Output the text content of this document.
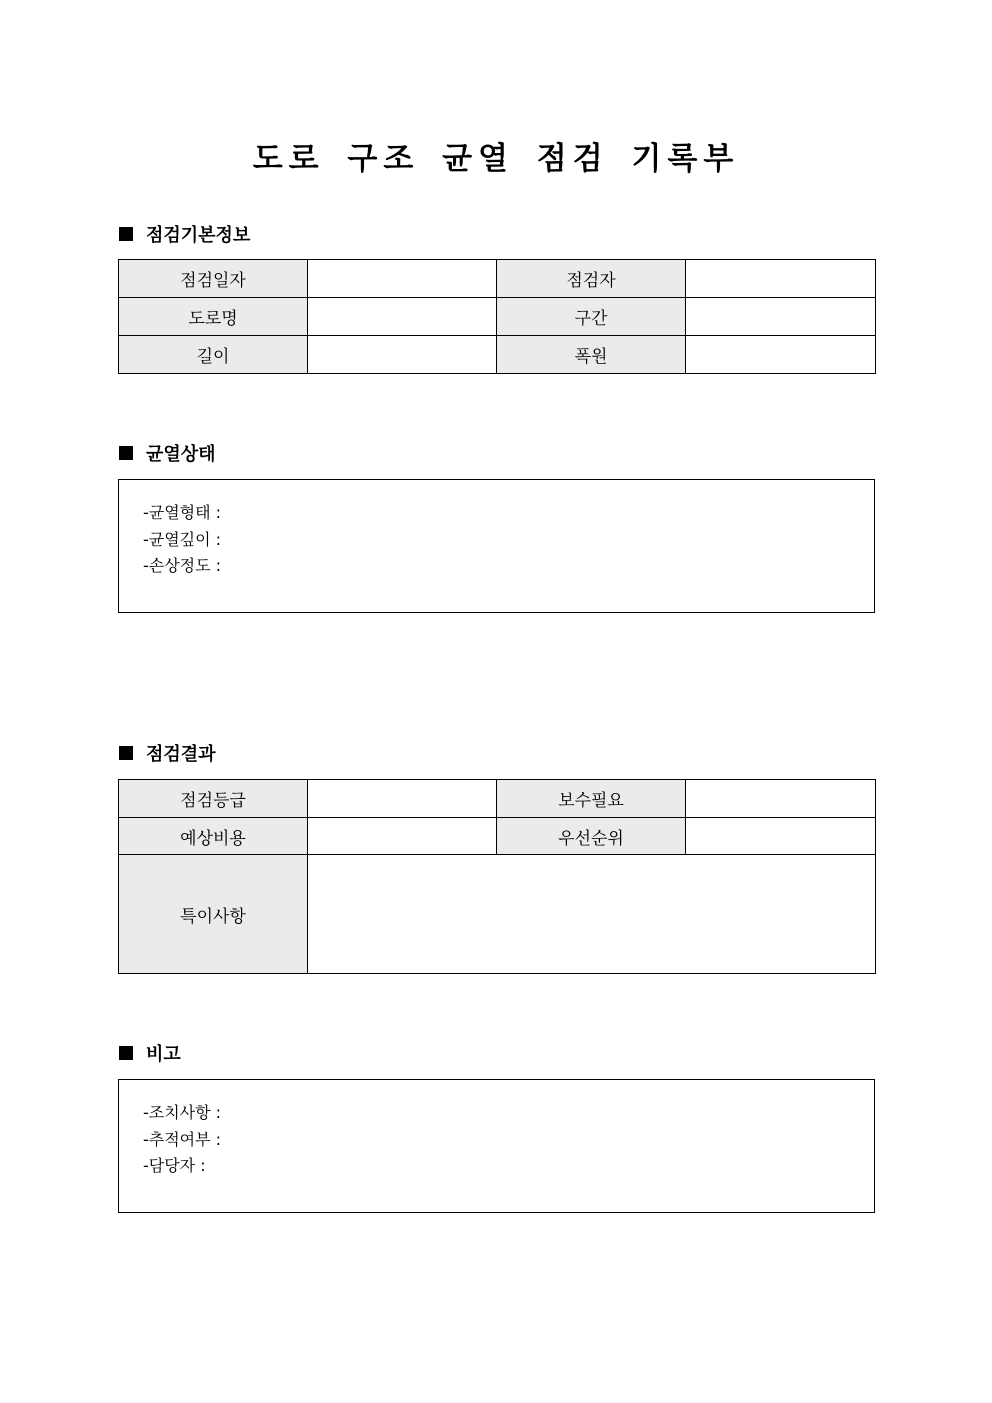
도로 구조 균열 점검 기록부
점검기본정보
점검일자		점검자	
도로명		구간	
길이		폭원	
균열상태
-균열형태 :
-균열깊이 :
-손상정도 :
점검결과
점검등급		보수필요	
예상비용		우선순위	
특이사항			
비고
-조치사항 :
-추적여부 :
-담당자 :
